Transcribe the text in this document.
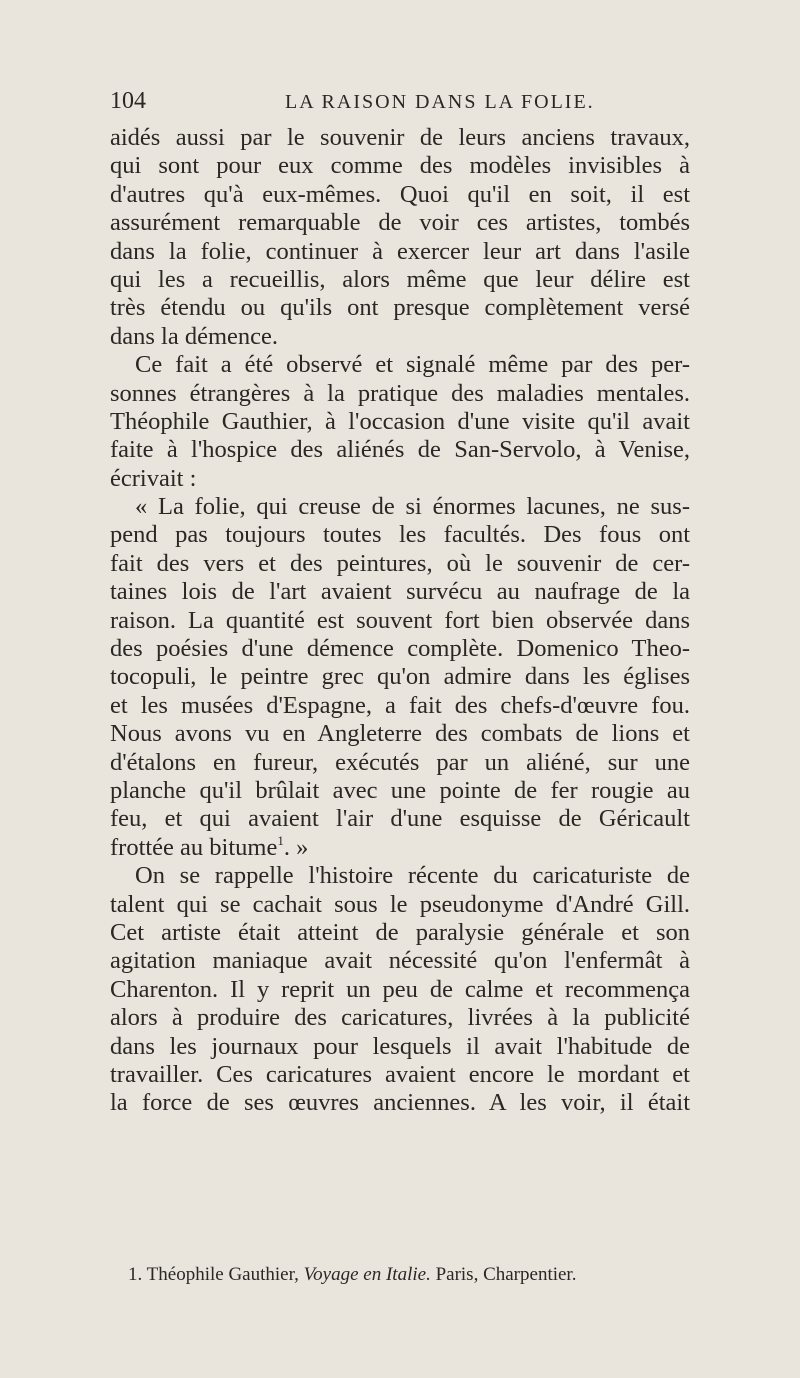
104	LA RAISON DANS LA FOLIE.
aidés aussi par le souvenir de leurs anciens travaux,
qui sont pour eux comme des modèles invisibles à
d'autres qu'à eux-mêmes. Quoi qu'il en soit, il est
assurément remarquable de voir ces artistes, tombés
dans la folie, continuer à exercer leur art dans l'asile
qui les a recueillis, alors même que leur délire est
très étendu ou qu'ils ont presque complètement versé
dans la démence.
Ce fait a été observé et signalé même par des per-
sonnes étrangères à la pratique des maladies mentales.
Théophile Gauthier, à l'occasion d'une visite qu'il avait
faite à l'hospice des aliénés de San-Servolo, à Venise,
écrivait :
« La folie, qui creuse de si énormes lacunes, ne sus-
pend pas toujours toutes les facultés. Des fous ont
fait des vers et des peintures, où le souvenir de cer-
taines lois de l'art avaient survécu au naufrage de la
raison. La quantité est souvent fort bien observée dans
des poésies d'une démence complète. Domenico Theo-
tocopuli, le peintre grec qu'on admire dans les églises
et les musées d'Espagne, a fait des chefs-d'œuvre fou.
Nous avons vu en Angleterre des combats de lions et
d'étalons en fureur, exécutés par un aliéné, sur une
planche qu'il brûlait avec une pointe de fer rougie au
feu, et qui avaient l'air d'une esquisse de Géricault
frottée au bitume$^1$. »
On se rappelle l'histoire récente du caricaturiste de
talent qui se cachait sous le pseudonyme d'André Gill.
Cet artiste était atteint de paralysie générale et son
agitation maniaque avait nécessité qu'on l'enfermât à
Charenton. Il y reprit un peu de calme et recommença
alors à produire des caricatures, livrées à la publicité
dans les journaux pour lesquels il avait l'habitude de
travailler. Ces caricatures avaient encore le mordant et
la force de ses œuvres anciennes. A les voir, il était
1. Théophile Gauthier, Voyage en Italie. Paris, Charpentier.
